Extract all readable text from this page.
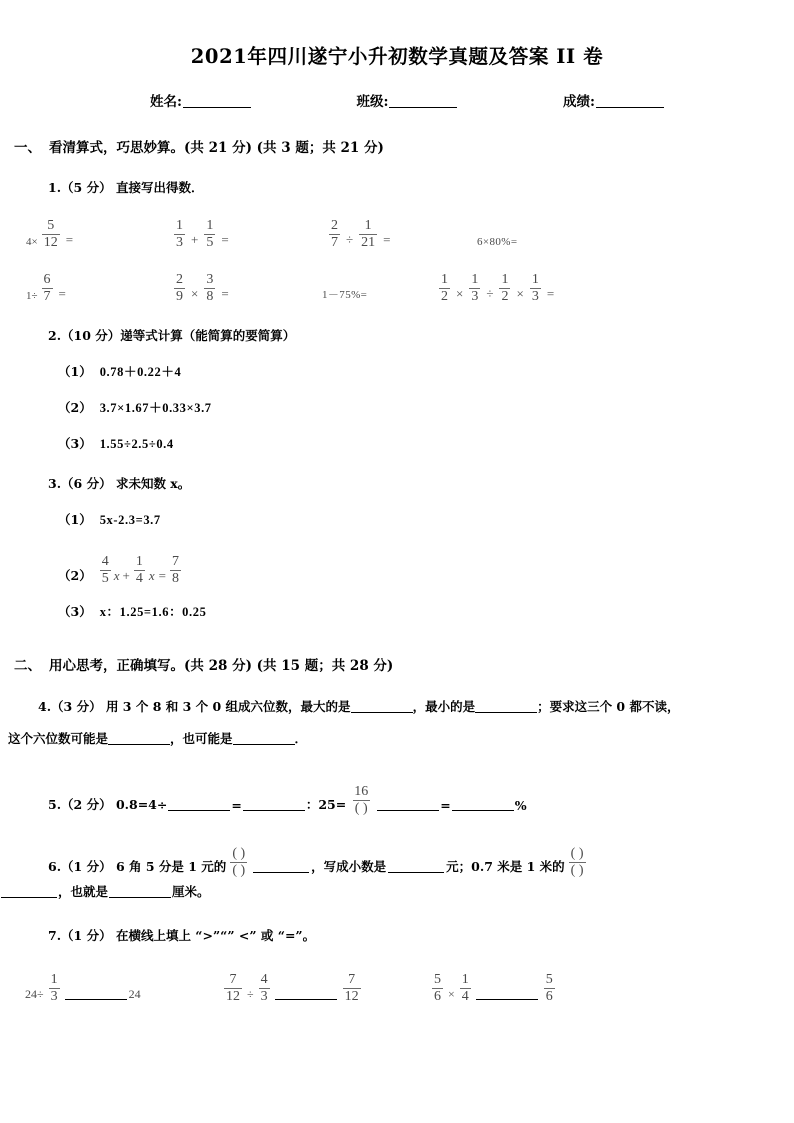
2021年四川遂宁小升初数学真题及答案 II 卷
姓名:	班级:	成绩:
一、 看清算式，巧思妙算。(共 21 分) (共 3 题；共 21 分)
1.（5 分） 直接写出得数．
$4\times \frac{5}{12}$ =	$\frac{1}{3} + \frac{1}{5}$ =	$\frac{2}{7} \div \frac{1}{21}$ =	6×80%=
$1\div \frac{6}{7}$ =	$\frac{2}{9} \times \frac{3}{8}$ =	1－75%=	$\frac{1}{2} \times \frac{1}{3} \div \frac{1}{2} \times \frac{1}{3}$ =
2.（10 分）递等式计算（能简算的要简算）
（1） 0.78＋0.22＋4
（2） 3.7×1.67＋0.33×3.7
（3） 1.55÷2.5÷0.4
3.（6 分） 求未知数 x。
（1） 5x-2.3=3.7
$(2) \frac{4}{5}$ $x + \frac{1}{4}$ $x = \frac{7}{8}$
（3） x：1.25=1.6：0.25
二、 用心思考，正确填写。(共 28 分) (共 15 题；共 28 分)
4.（3 分） 用 3 个 8 和 3 个 0 组成六位数，最大的是	，最小的是	；要求这三个 0 都不读，
这个六位数可能是	，也可能是	．
5.（2 分） 0.8=4÷	=	：$25= \frac{16}{( )}$	=	%
6.（1 分） 6 角 5 分是 1 元的 $\frac{( )}{( )}$	，写成小数是	元；0.7 米是 1 米的 $\frac{( )}{( )}$
，也就是	厘米。
7.（1 分） 在横线上填上 “>”“” <” 或 “=”。
$24\div \frac{1}{3}$	24	$\frac{7}{12} \div \frac{4}{3}$	$\frac{7}{12}$	$\frac{5}{6} \times \frac{1}{4}$	$\frac{5}{6}$
